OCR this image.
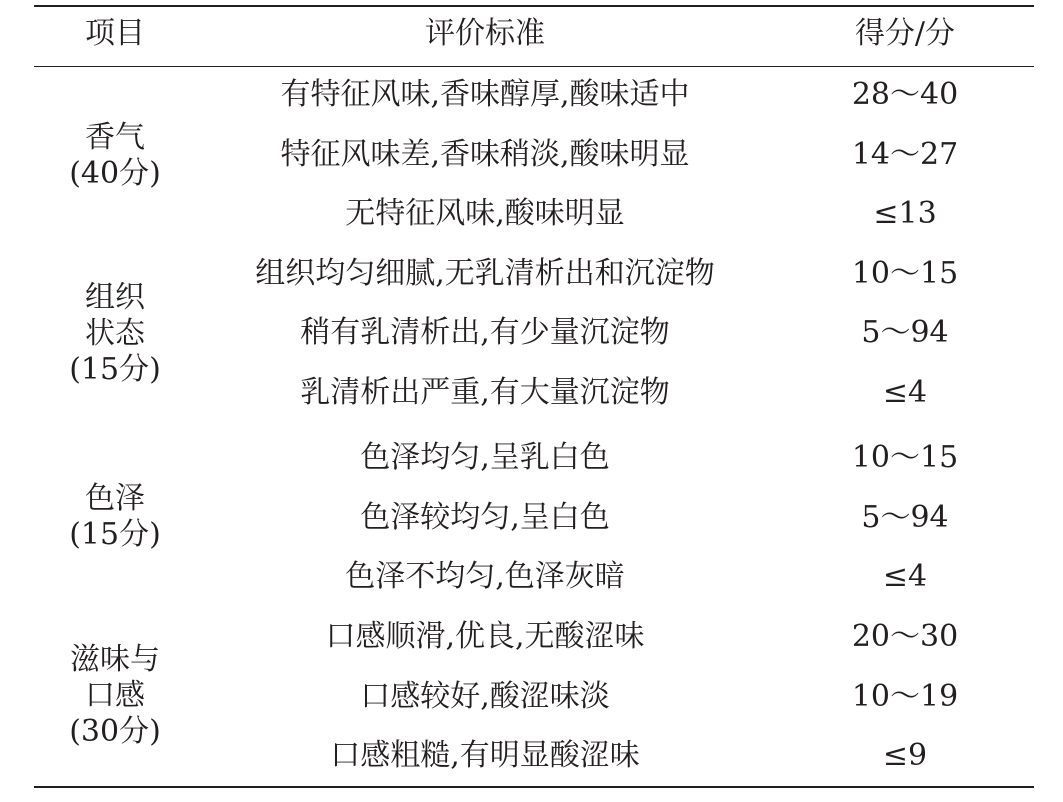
项目	评价标准	得分/分
香气
(40分)
有特征风味,香味醇厚,酸味适中	28～40
特征风味差,香味稍淡,酸味明显	14～27
无特征风味,酸味明显	≤13
组织
状态
(15分)
组织均匀细腻,无乳清析出和沉淀物	10～15
稍有乳清析出,有少量沉淀物	5～94
乳清析出严重,有大量沉淀物	≤4
色泽
(15分)
色泽均匀,呈乳白色	10～15
色泽较均匀,呈白色	5～94
色泽不均匀,色泽灰暗	≤4
滋味与
口感
(30分)
口感顺滑,优良,无酸涩味	20～30
口感较好,酸涩味淡	10～19
口感粗糙,有明显酸涩味	≤9
